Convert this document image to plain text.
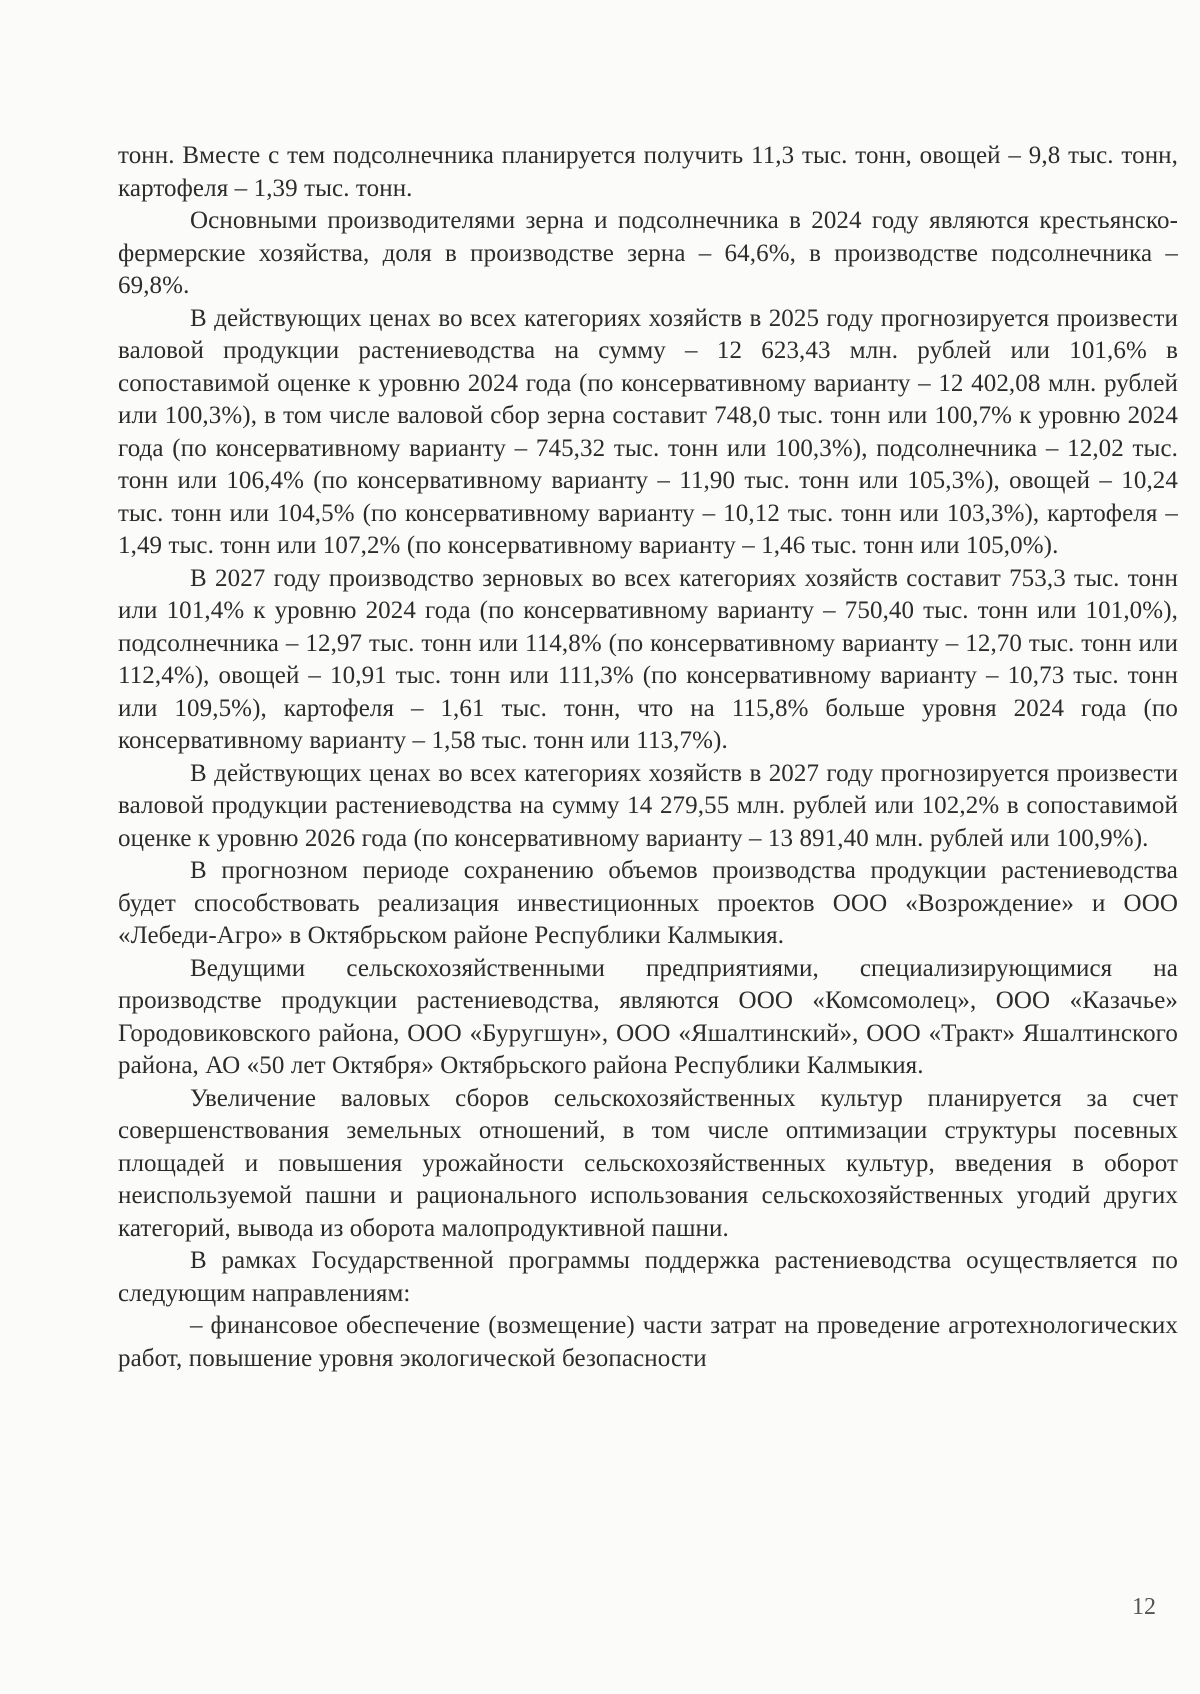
тонн. Вместе с тем подсолнечника планируется получить 11,3 тыс. тонн, овощей – 9,8 тыс. тонн, картофеля – 1,39 тыс. тонн.

Основными производителями зерна и подсолнечника в 2024 году являются крестьянско-фермерские хозяйства, доля в производстве зерна – 64,6%, в производстве подсолнечника – 69,8%.

В действующих ценах во всех категориях хозяйств в 2025 году прогнозируется произвести валовой продукции растениеводства на сумму – 12 623,43 млн. рублей или 101,6% в сопоставимой оценке к уровню 2024 года (по консервативному варианту – 12 402,08 млн. рублей или 100,3%), в том числе валовой сбор зерна составит 748,0 тыс. тонн или 100,7% к уровню 2024 года (по консервативному варианту – 745,32 тыс. тонн или 100,3%), подсолнечника – 12,02 тыс. тонн или 106,4% (по консервативному варианту – 11,90 тыс. тонн или 105,3%), овощей – 10,24 тыс. тонн или 104,5% (по консервативному варианту – 10,12 тыс. тонн или 103,3%), картофеля – 1,49 тыс. тонн или 107,2% (по консервативному варианту – 1,46 тыс. тонн или 105,0%).

В 2027 году производство зерновых во всех категориях хозяйств составит 753,3 тыс. тонн или 101,4% к уровню 2024 года (по консервативному варианту – 750,40 тыс. тонн или 101,0%), подсолнечника – 12,97 тыс. тонн или 114,8% (по консервативному варианту – 12,70 тыс. тонн или 112,4%), овощей – 10,91 тыс. тонн или 111,3% (по консервативному варианту – 10,73 тыс. тонн или 109,5%), картофеля – 1,61 тыс. тонн, что на 115,8% больше уровня 2024 года (по консервативному варианту – 1,58 тыс. тонн или 113,7%).

В действующих ценах во всех категориях хозяйств в 2027 году прогнозируется произвести валовой продукции растениеводства на сумму 14 279,55 млн. рублей или 102,2% в сопоставимой оценке к уровню 2026 года (по консервативному варианту – 13 891,40 млн. рублей или 100,9%).

В прогнозном периоде сохранению объемов производства продукции растениеводства будет способствовать реализация инвестиционных проектов ООО «Возрождение» и ООО «Лебеди-Агро» в Октябрьском районе Республики Калмыкия.

Ведущими сельскохозяйственными предприятиями, специализирующимися на производстве продукции растениеводства, являются ООО «Комсомолец», ООО «Казачье» Городовиковского района, ООО «Буругшун», ООО «Яшалтинский», ООО «Тракт» Яшалтинского района, АО «50 лет Октября» Октябрьского района Республики Калмыкия.

Увеличение валовых сборов сельскохозяйственных культур планируется за счет совершенствования земельных отношений, в том числе оптимизации структуры посевных площадей и повышения урожайности сельскохозяйственных культур, введения в оборот неиспользуемой пашни и рационального использования сельскохозяйственных угодий других категорий, вывода из оборота малопродуктивной пашни.

В рамках Государственной программы поддержка растениеводства осуществляется по следующим направлениям:

– финансовое обеспечение (возмещение) части затрат на проведение агротехнологических работ, повышение уровня экологической безопасности

12
